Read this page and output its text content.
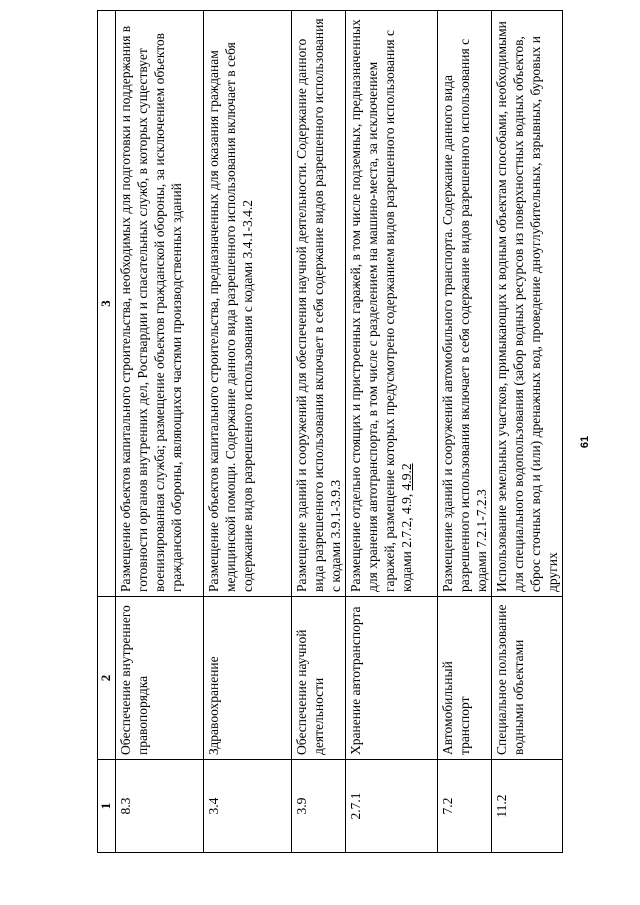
61
1	2	3
8.3	Обеспечение внутреннего правопорядка	Размещение объектов капитального строительства, необходимых для подготовки и поддержания в готовности органов внутренних дел, Росгвардии и спасательных служб, в которых существует военизированная служба; размещение объектов гражданской обороны, за исключением объектов гражданской обороны, являющихся частями производственных зданий
3.4	Здравоохранение	Размещение объектов капитального строительства, предназначенных для оказания гражданам медицинской помощи. Содержание данного вида разрешенного использования включает в себя содержание видов разрешенного использования с кодами 3.4.1-3.4.2
3.9	Обеспечение научной деятельности	Размещение зданий и сооружений для обеспечения научной деятельности. Содержание данного вида разрешенного использования включает в себя содержание видов разрешенного использования с кодами 3.9.1-3.9.3
2.7.1	Хранение автотранспорта	Размещение отдельно стоящих и пристроенных гаражей, в том числе подземных, предназначенных для хранения автотранспорта, в том числе с разделением на машино-места, за исключением гаражей, размещение которых предусмотрено содержанием видов разрешенного использования с кодами 2.7.2, 4.9, 4.9.2
7.2	Автомобильный транспорт	Размещение зданий и сооружений автомобильного транспорта. Содержание данного вида разрешенного использования включает в себя содержание видов разрешенного использования с кодами 7.2.1-7.2.3
11.2	Специальное пользование водными объектами	Использование земельных участков, примыкающих к водным объектам способами, необходимыми для специального водопользования (забор водных ресурсов из поверхностных водных объектов, сброс сточных вод и (или) дренажных вод, проведение дноуглубительных, взрывных, буровых и других
